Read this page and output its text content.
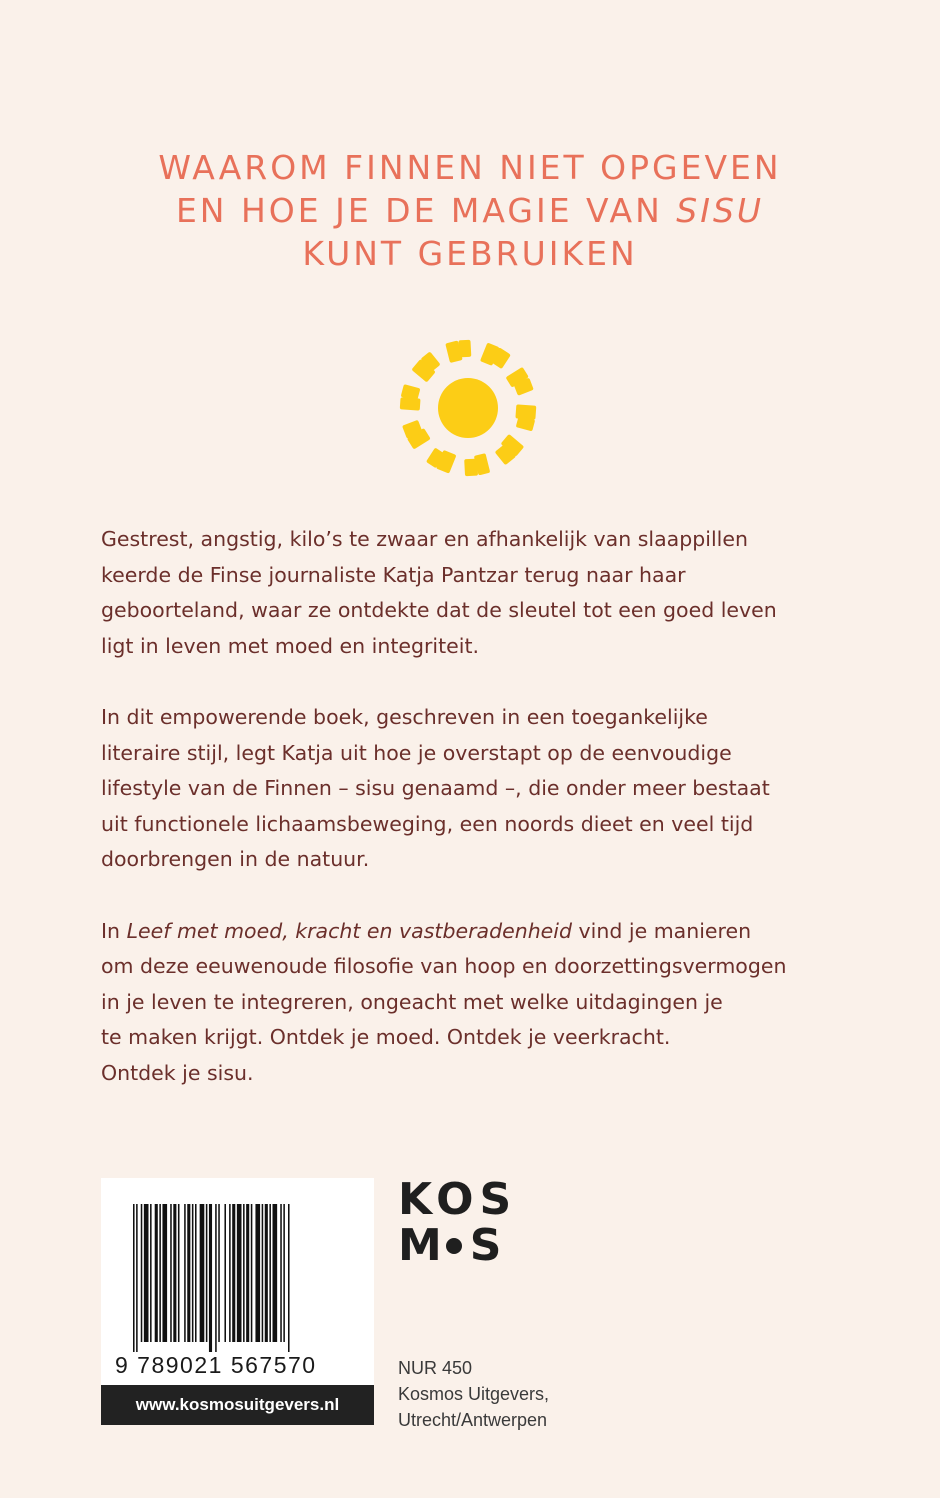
WAAROM FINNEN NIET OPGEVEN
EN HOE JE DE MAGIE VAN SISU
KUNT GEBRUIKEN

Gestrest, angstig, kilo’s te zwaar en afhankelijk van slaappillen
keerde de Finse journaliste Katja Pantzar terug naar haar
geboorteland, waar ze ontdekte dat de sleutel tot een goed leven
ligt in leven met moed en integriteit.

In dit empowerende boek, geschreven in een toegankelijke
literaire stijl, legt Katja uit hoe je overstapt op de eenvoudige
lifestyle van de Finnen – sisu genaamd –, die onder meer bestaat
uit functionele lichaamsbeweging, een noords dieet en veel tijd
doorbrengen in de natuur.

In Leef met moed, kracht en vastberadenheid vind je manieren
om deze eeuwenoude filosofie van hoop en doorzettingsvermogen
in je leven te integreren, ongeacht met welke uitdagingen je
te maken krijgt. Ontdek je moed. Ontdek je veerkracht.
Ontdek je sisu.

9 789021 567570
www.kosmosuitgevers.nl
KOS
M S
NUR 450
Kosmos Uitgevers,
Utrecht/Antwerpen
